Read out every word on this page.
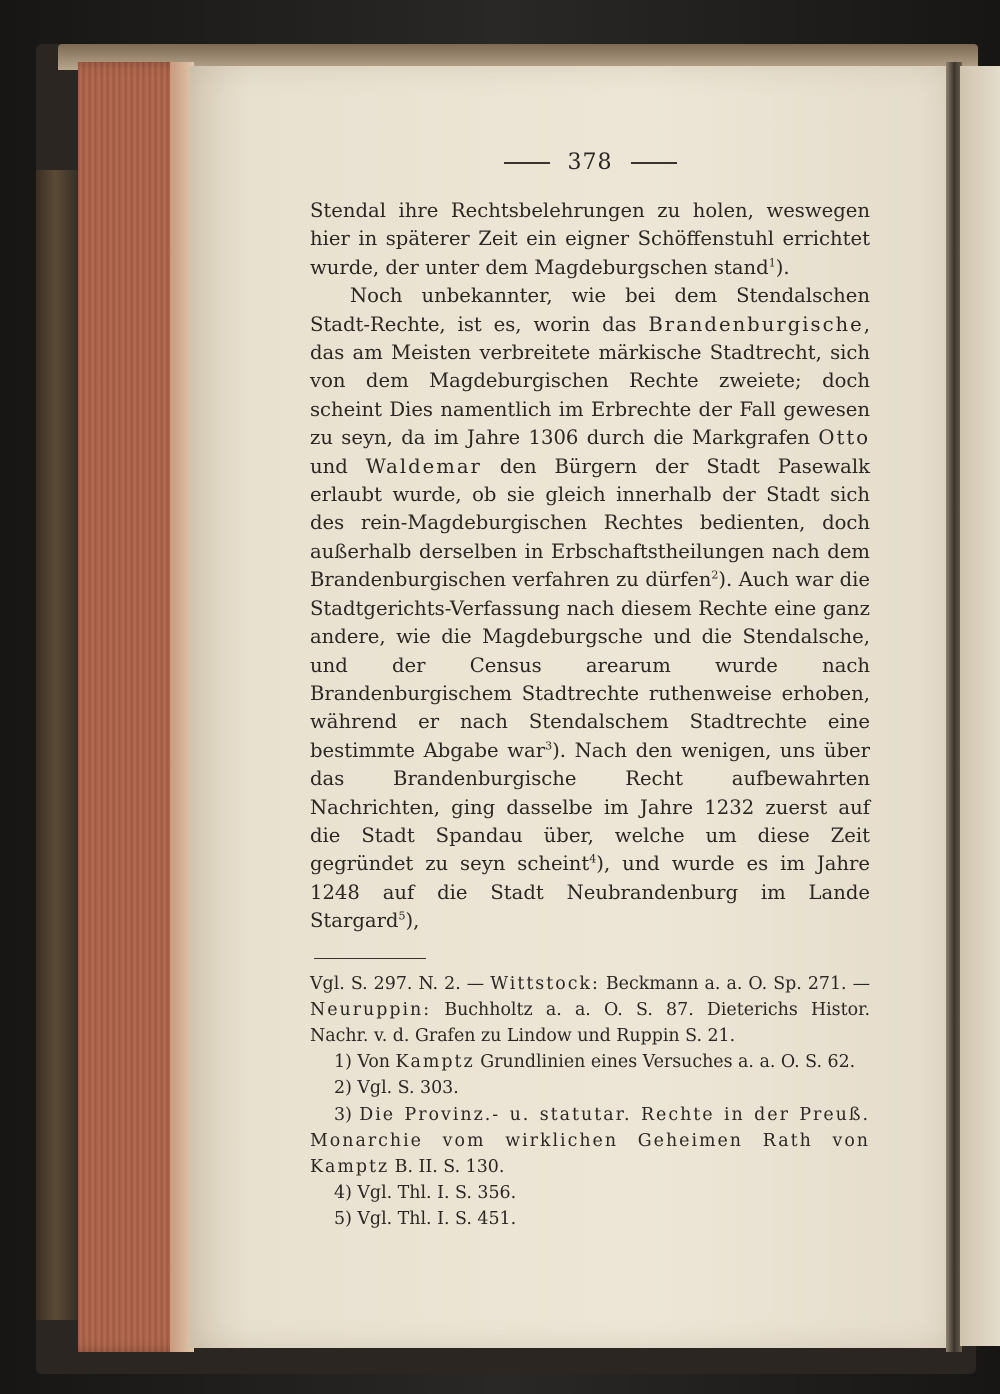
378

Stendal ihre Rechtsbelehrungen zu holen, weswegen hier in späterer Zeit ein eigner Schöffenstuhl errichtet wurde, der unter dem Magdeburgschen stand$^1$).

Noch unbekannter, wie bei dem Stendalschen Stadt-Rechte, ist es, worin das Brandenburgische, das am Meisten verbreitete märkische Stadtrecht, sich von dem Magdeburgischen Rechte zweiete; doch scheint Dies namentlich im Erbrechte der Fall gewesen zu seyn, da im Jahre 1306 durch die Markgrafen Otto und Waldemar den Bürgern der Stadt Pasewalk erlaubt wurde, ob sie gleich innerhalb der Stadt sich des rein-Magdeburgischen Rechtes bedienten, doch außerhalb derselben in Erbschaftstheilungen nach dem Brandenburgischen verfahren zu dürfen$^2$). Auch war die Stadtgerichts-Verfassung nach diesem Rechte eine ganz andere, wie die Magdeburgsche und die Stendalsche, und der Census arearum wurde nach Brandenburgischem Stadtrechte ruthenweise erhoben, während er nach Stendalschem Stadtrechte eine bestimmte Abgabe war$^3$). Nach den wenigen, uns über das Brandenburgische Recht aufbewahrten Nachrichten, ging dasselbe im Jahre 1232 zuerst auf die Stadt Spandau über, welche um diese Zeit gegründet zu seyn scheint$^4$), und wurde es im Jahre 1248 auf die Stadt Neubrandenburg im Lande Stargard$^5$),

Vgl. S. 297. N. 2. — Wittstock: Beckmann a. a. O. Sp. 271. — Neuruppin: Buchholtz a. a. O. S. 87. Dieterichs Histor. Nachr. v. d. Grafen zu Lindow und Ruppin S. 21.

1) Von Kamptz Grundlinien eines Versuches a. a. O. S. 62.

2) Vgl. S. 303.

3) Die Provinz.- u. statutar. Rechte in der Preuß. Monarchie vom wirklichen Geheimen Rath von Kamptz B. II. S. 130.

4) Vgl. Thl. I. S. 356.

5) Vgl. Thl. I. S. 451.
